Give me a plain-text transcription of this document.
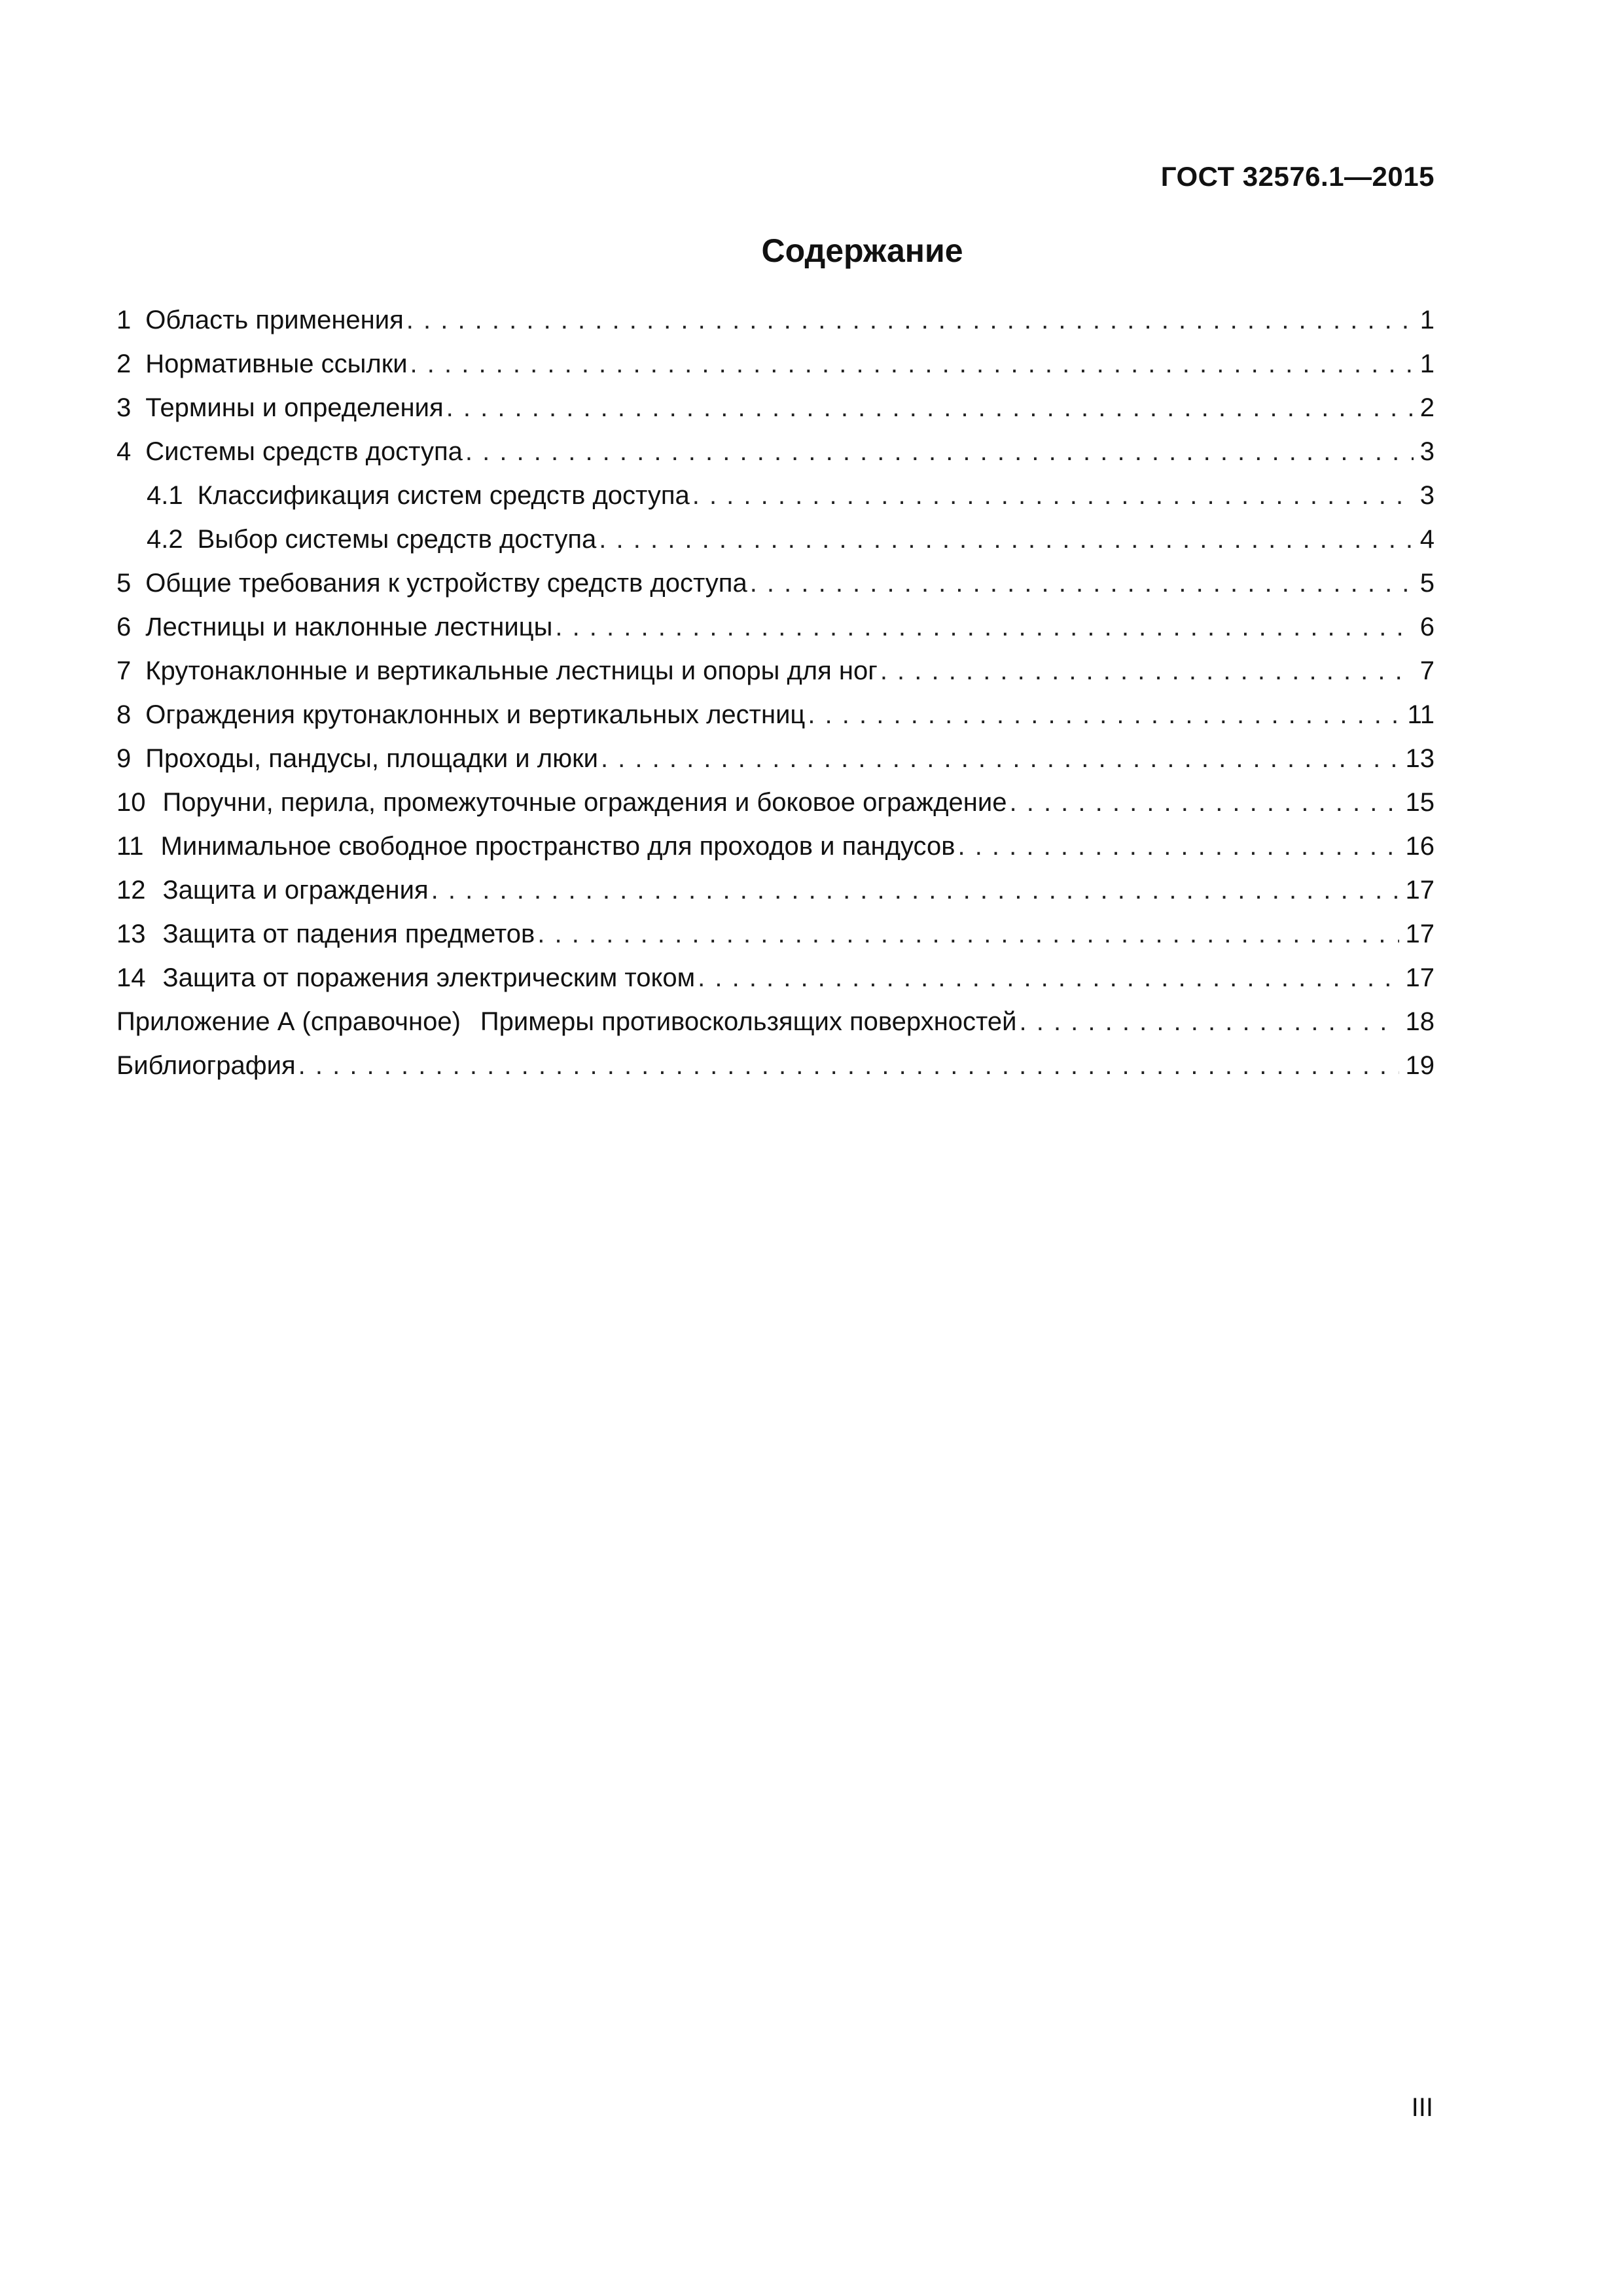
ГОСТ 32576.1—2015
Содержание
1 Область применения . . .	1
2 Нормативные ссылки . . .	1
3 Термины и определения . . .	2
4 Системы средств доступа . . .	3
4.1 Классификация систем средств доступа . . .	3
4.2 Выбор системы средств доступа . . .	4
5 Общие требования к устройству средств доступа . . .	5
6 Лестницы и наклонные лестницы . . .	6
7 Крутонаклонные и вертикальные лестницы и опоры для ног . . .	7
8 Ограждения крутонаклонных и вертикальных лестниц . . .	11
9 Проходы, пандусы, площадки и люки . . .	13
10 Поручни, перила, промежуточные ограждения и боковое ограждение . . .	15
11 Минимальное свободное пространство для проходов и пандусов . . .	16
12 Защита и ограждения . . .	17
13 Защита от падения предметов . . .	17
14 Защита от поражения электрическим током . . .	17
Приложение А (справочное) Примеры противоскользящих поверхностей . . .	18
Библиография . . .	19
III
